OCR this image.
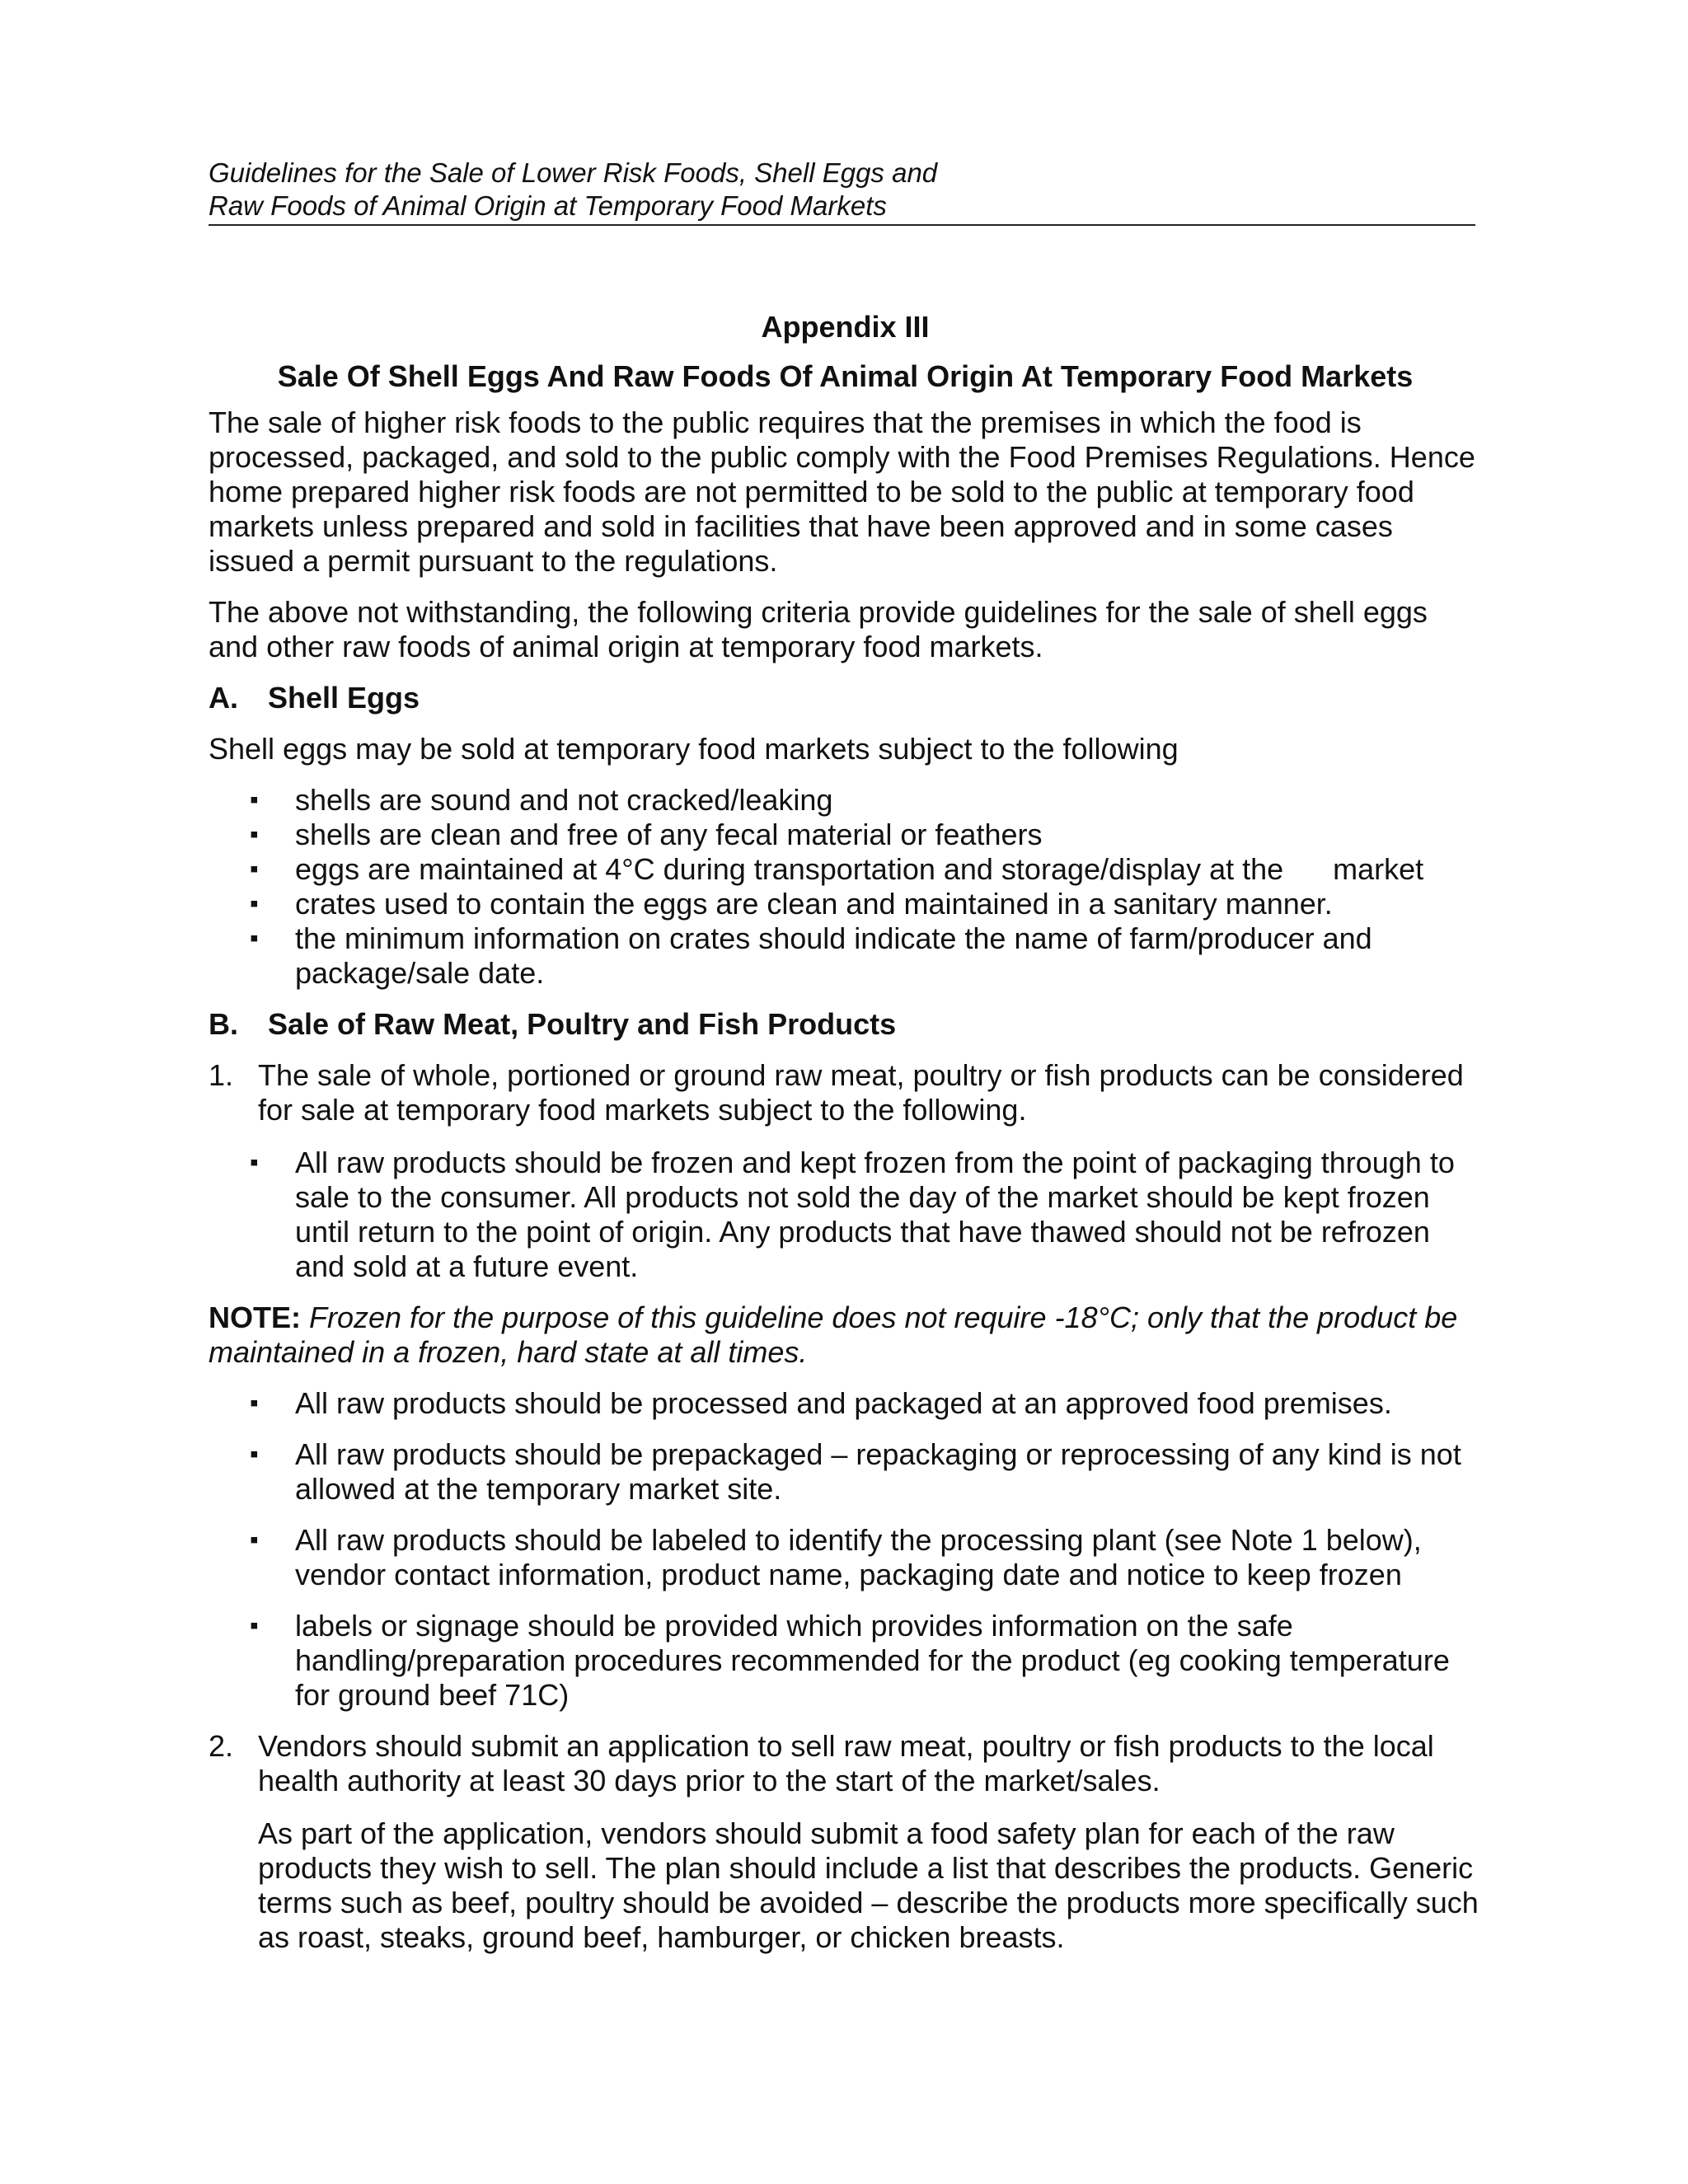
Guidelines for the Sale of Lower Risk Foods, Shell Eggs and
Raw Foods of Animal Origin at Temporary Food Markets

Appendix III

Sale Of Shell Eggs And Raw Foods Of Animal Origin At Temporary Food Markets

The sale of higher risk foods to the public requires that the premises in which the food is processed, packaged, and sold to the public comply with the Food Premises Regulations. Hence home prepared higher risk foods are not permitted to be sold to the public at temporary food markets unless prepared and sold in facilities that have been approved and in some cases issued a permit pursuant to the regulations.

The above not withstanding, the following criteria provide guidelines for the sale of shell eggs and other raw foods of animal origin at temporary food markets.

A.	Shell Eggs

Shell eggs may be sold at temporary food markets subject to the following

▪ shells are sound and not cracked/leaking
▪ shells are clean and free of any fecal material or feathers
▪ eggs are maintained at 4°C during transportation and storage/display at the      market
▪ crates used to contain the eggs are clean and maintained in a sanitary manner.
▪ the minimum information on crates should indicate the name of farm/producer and package/sale date.
B.	Sale of Raw Meat, Poultry and Fish Products
1. The sale of whole, portioned or ground raw meat, poultry or fish products can be considered for sale at temporary food markets subject to the following.
▪ All raw products should be frozen and kept frozen from the point of packaging through to sale to the consumer. All products not sold the day of the market should be kept frozen until return to the point of origin. Any products that have thawed should not be refrozen and sold at a future event.

NOTE: Frozen for the purpose of this guideline does not require -18°C; only that the product be maintained in a frozen, hard state at all times.

▪ All raw products should be processed and packaged at an approved food premises.
▪ All raw products should be prepackaged – repackaging or reprocessing of any kind is not allowed at the temporary market site.
▪ All raw products should be labeled to identify the processing plant (see Note 1 below), vendor contact information, product name, packaging date and notice to keep frozen
▪ labels or signage should be provided which provides information on the safe handling/preparation procedures recommended for the product (eg cooking temperature for ground beef 71C)
2. Vendors should submit an application to sell raw meat, poultry or fish products to the local health authority at least 30 days prior to the start of the market/sales.

As part of the application, vendors should submit a food safety plan for each of the raw products they wish to sell. The plan should include a list that describes the products. Generic terms such as beef, poultry should be avoided – describe the products more specifically such as roast, steaks, ground beef, hamburger, or chicken breasts.
